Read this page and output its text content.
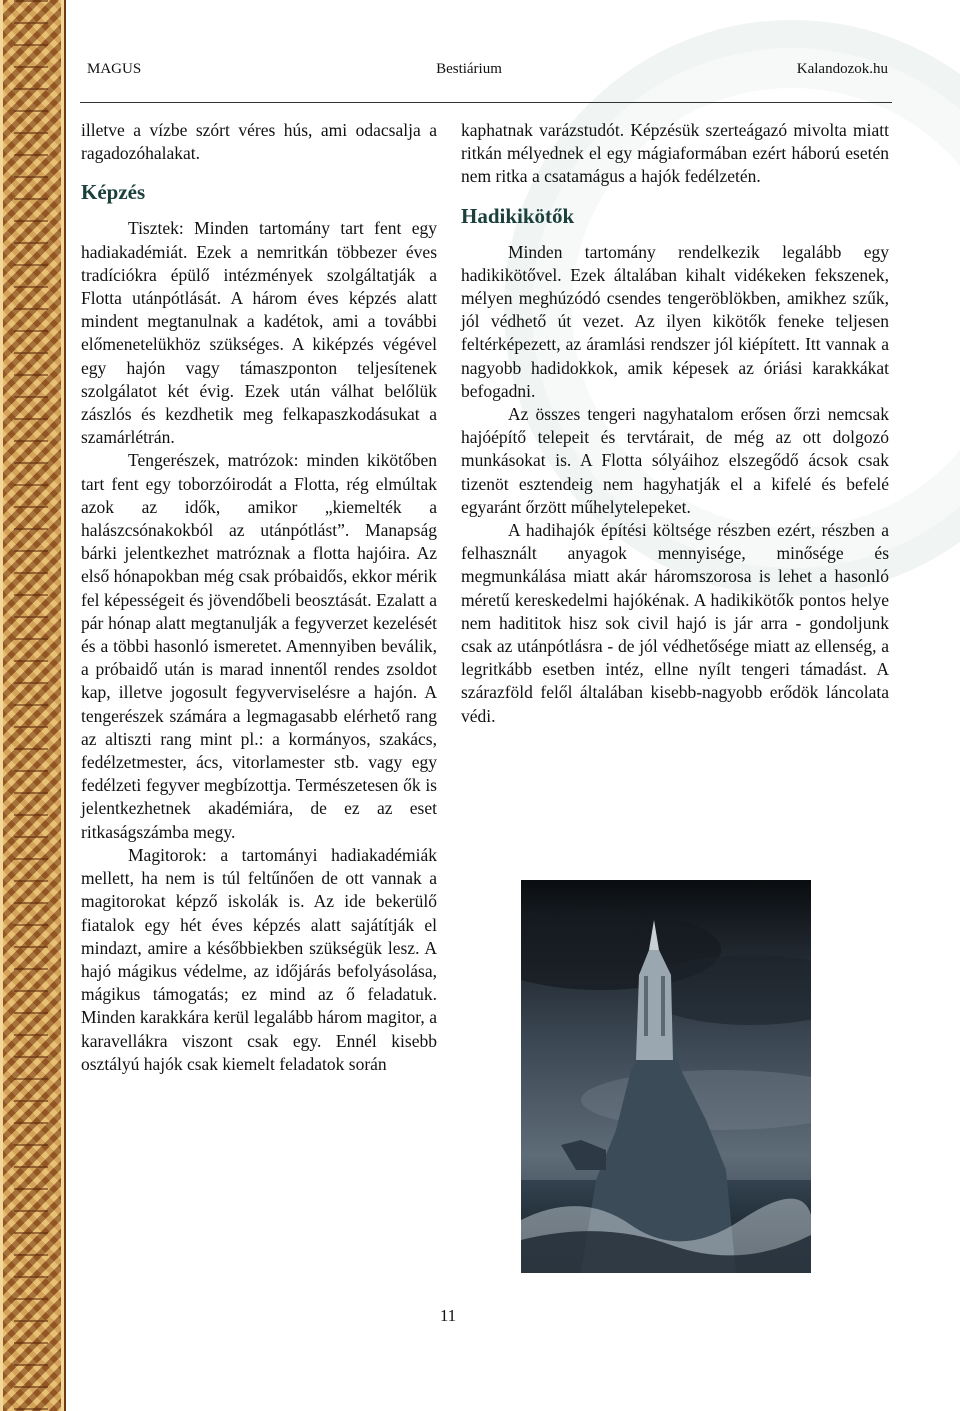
MAGUS	Bestiárium	Kalandozok.hu

illetve a vízbe szórt véres hús, ami odacsalja a ragadozóhalakat.

Képzés

Tisztek: Minden tartomány tart fent egy hadiakadémiát. Ezek a nemritkán többezer éves tradíciókra épülő intézmények szolgáltatják a Flotta utánpótlását. A három éves képzés alatt mindent megtanulnak a kadétok, ami a további előmenetelükhöz szükséges. A kiképzés végével egy hajón vagy támaszponton teljesítenek szolgálatot két évig. Ezek után válhat belőlük zászlós és kezdhetik meg felkapaszkodásukat a szamárlétrán.

Tengerészek, matrózok: minden kikötőben tart fent egy toborzóirodát a Flotta, rég elmúltak azok az idők, amikor „kiemelték a halászcsónakokból az utánpótlást”. Manapság bárki jelentkezhet matróznak a flotta hajóira. Az első hónapokban még csak próbaidős, ekkor mérik fel képességeit és jövendőbeli beosztását. Ezalatt a pár hónap alatt megtanulják a fegyverzet kezelését és a többi hasonló ismeretet. Amennyiben beválik, a próbaidő után is marad innentől rendes zsoldot kap, illetve jogosult fegyverviselésre a hajón. A tengerészek számára a legmagasabb elérhető rang az altiszti rang mint pl.: a kormányos, szakács, fedélzetmester, ács, vitorlamester stb. vagy egy fedélzeti fegyver megbízottja. Természetesen ők is jelentkezhetnek akadémiára, de ez az eset ritkaságszámba megy.

Magitorok: a tartományi hadiakadémiák mellett, ha nem is túl feltűnően de ott vannak a magitorokat képző iskolák is. Az ide bekerülő fiatalok egy hét éves képzés alatt sajátítják el mindazt, amire a későbbiekben szükségük lesz. A hajó mágikus védelme, az időjárás befolyásolása, mágikus támogatás; ez mind az ő feladatuk. Minden karakkára kerül legalább három magitor, a karavellákra viszont csak egy. Ennél kisebb osztályú hajók csak kiemelt feladatok során

kaphatnak varázstudót. Képzésük szerteágazó mivolta miatt ritkán mélyednek el egy mágiaformában ezért háború esetén nem ritka a csatamágus a hajók fedélzetén.

Hadikikötők

Minden tartomány rendelkezik legalább egy hadikikötővel. Ezek általában kihalt vidékeken fekszenek, mélyen meghúzódó csendes tengeröblökben, amikhez szűk, jól védhető út vezet. Az ilyen kikötők feneke teljesen feltérképezett, az áramlási rendszer jól kiépített. Itt vannak a nagyobb hadidokkok, amik képesek az óriási karakkákat befogadni.

Az összes tengeri nagyhatalom erősen őrzi nemcsak hajóépítő telepeit és tervtárait, de még az ott dolgozó munkásokat is. A Flotta sólyáihoz elszegődő ácsok csak tizenöt esztendeig nem hagyhatják el a kifelé és befelé egyaránt őrzött műhelytelepeket.

A hadihajók építési költsége részben ezért, részben a felhasznált anyagok mennyisége, minősége és megmunkálása miatt akár háromszorosa is lehet a hasonló méretű kereskedelmi hajókénak. A hadikikötők pontos helye nem hadititok hisz sok civil hajó is jár arra - gondoljunk csak az utánpótlásra - de jól védhetősége miatt az ellenség, a legritkább esetben intéz, ellne nyílt tengeri támadást. A szárazföld felől általában kisebb-nagyobb erődök láncolata védi.

11
